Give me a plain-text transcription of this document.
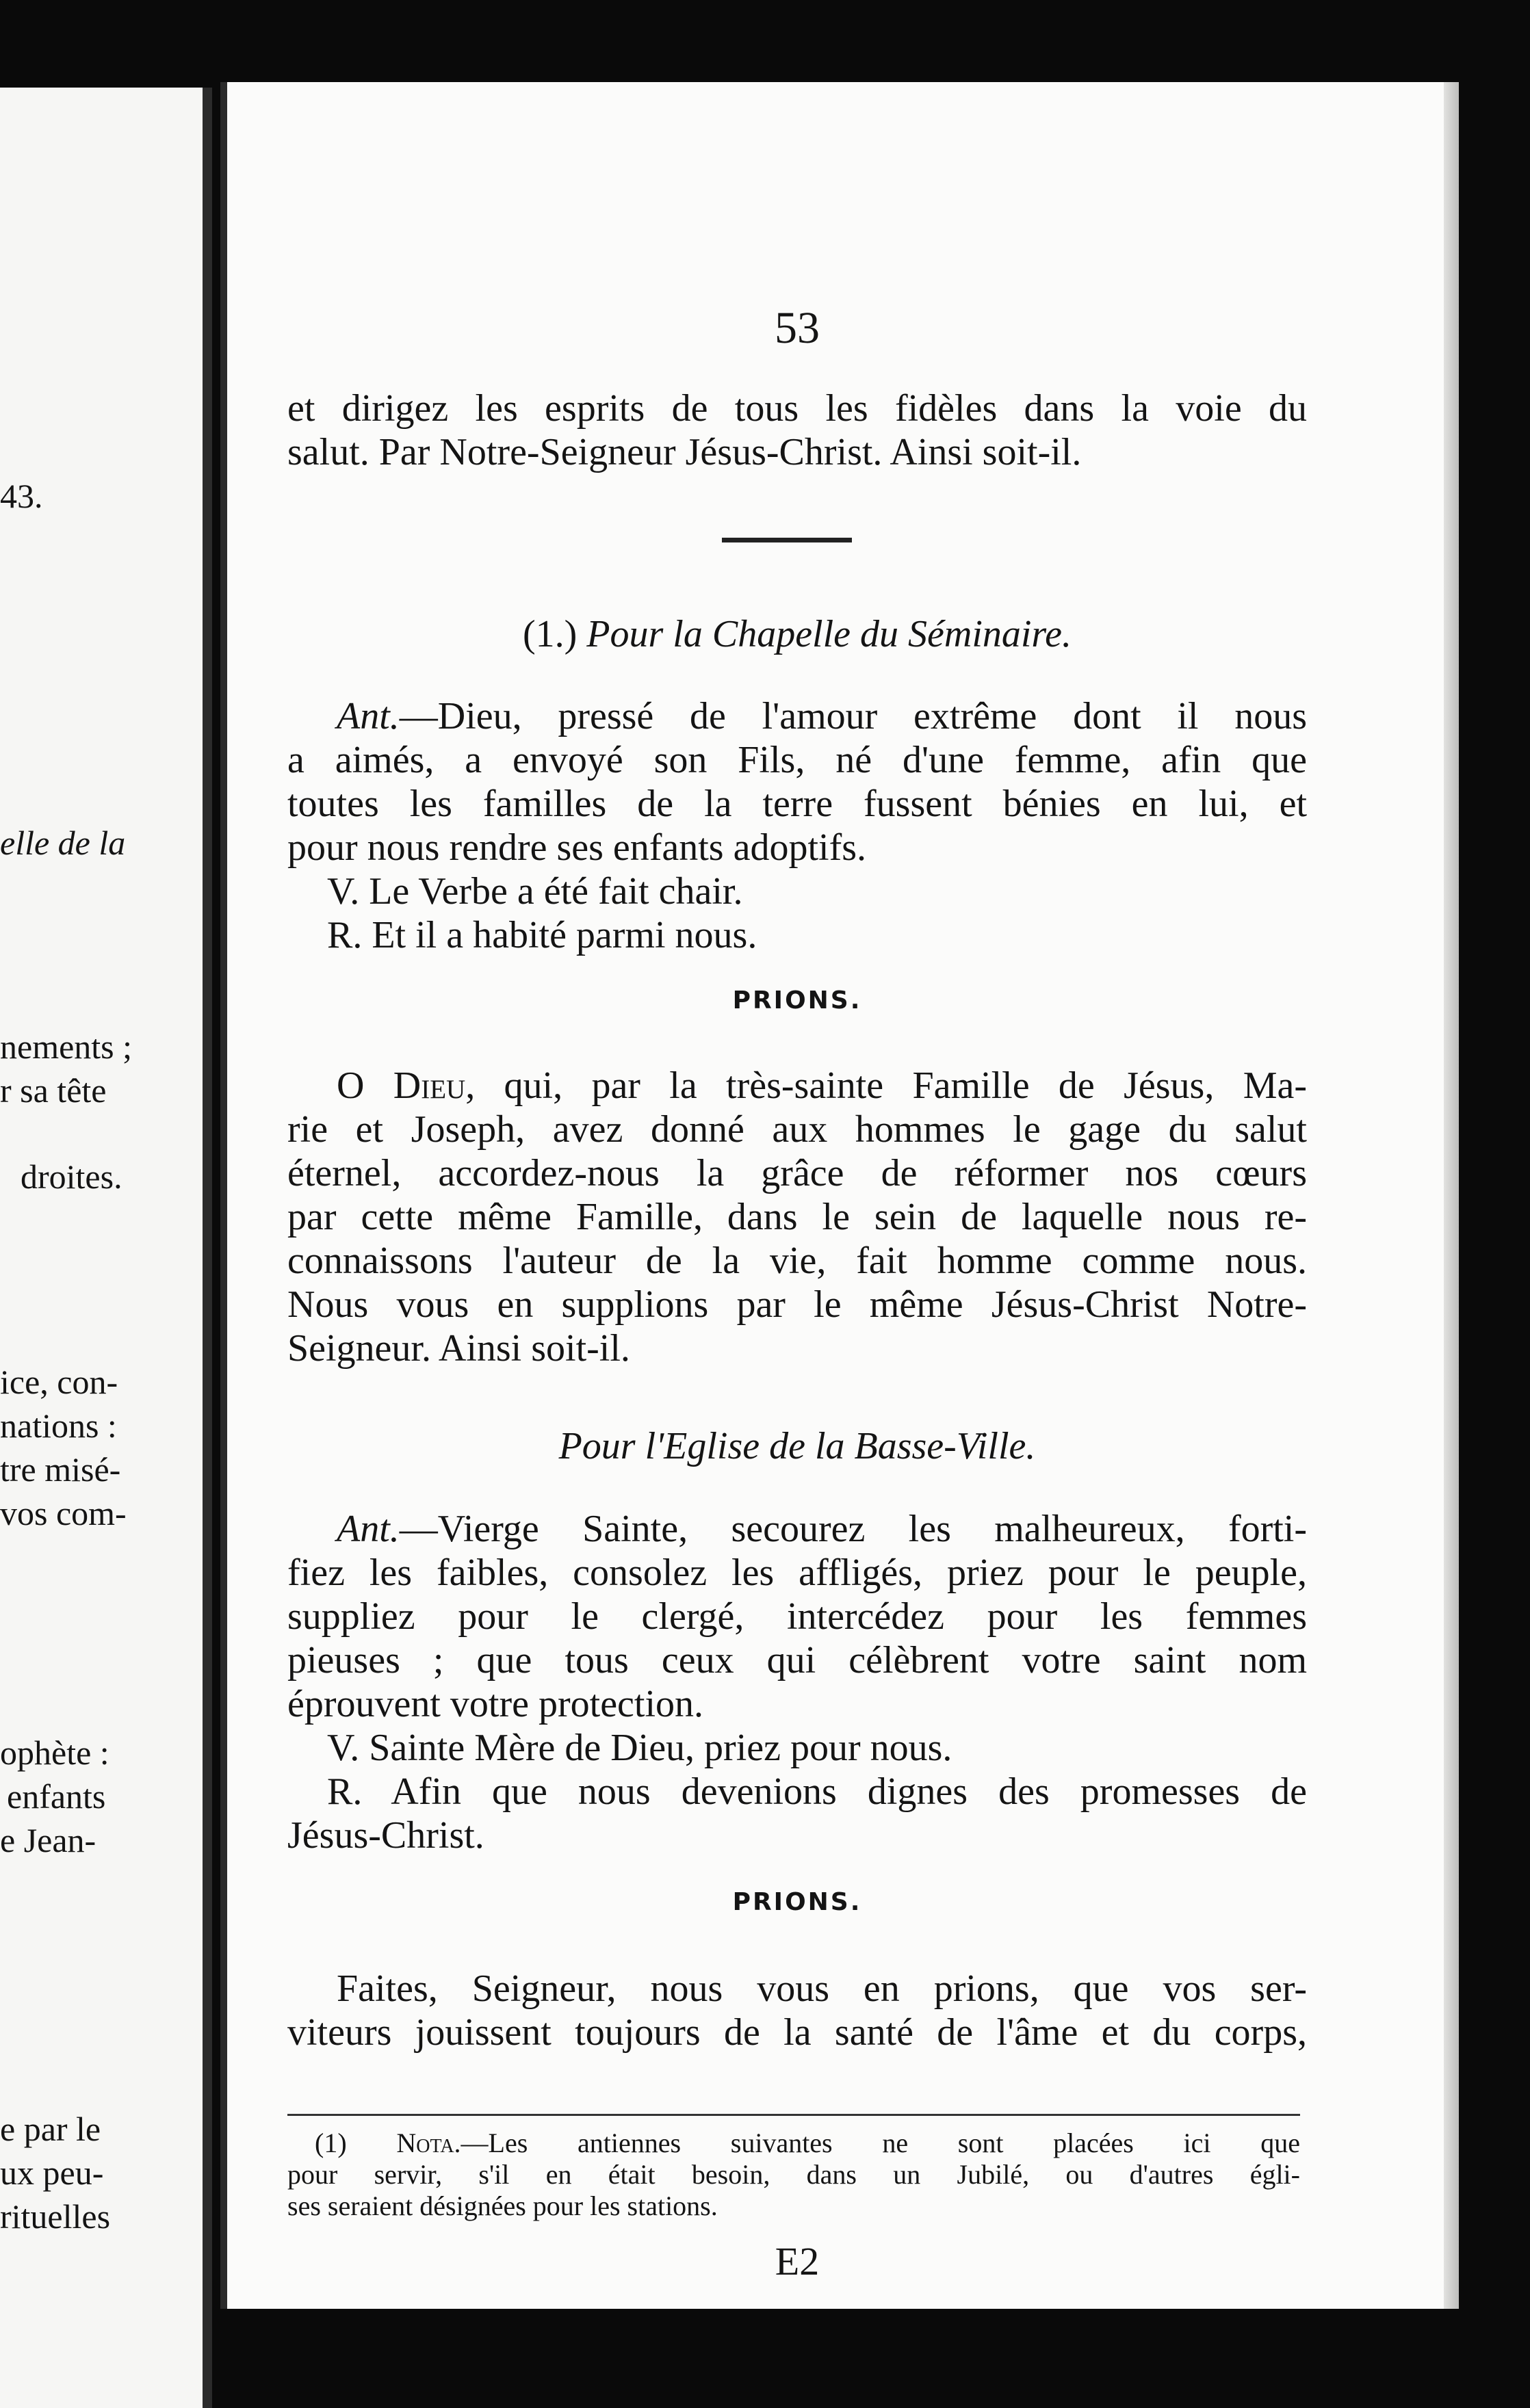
43.
elle de la
nements ;
r sa tête
droites.
ice, con-
nations :
tre misé-
vos com-
ophète :
enfants
e Jean-
e par le
ux peu-
rituelles
53
et dirigez les esprits de tous les fidèles dans la voie du
salut. Par Notre-Seigneur Jésus-Christ. Ainsi soit-il.
(1.) Pour la Chapelle du Séminaire.
Ant.—Dieu, pressé de l'amour extrême dont il nous
a aimés, a envoyé son Fils, né d'une femme, afin que
toutes les familles de la terre fussent bénies en lui, et
pour nous rendre ses enfants adoptifs.
V. Le Verbe a été fait chair.
R. Et il a habité parmi nous.
PRIONS.
O Dieu, qui, par la très-sainte Famille de Jésus, Ma-
rie et Joseph, avez donné aux hommes le gage du salut
éternel, accordez-nous la grâce de réformer nos cœurs
par cette même Famille, dans le sein de laquelle nous re-
connaissons l'auteur de la vie, fait homme comme nous.
Nous vous en supplions par le même Jésus-Christ Notre-
Seigneur. Ainsi soit-il.
Pour l'Eglise de la Basse-Ville.
Ant.—Vierge Sainte, secourez les malheureux, forti-
fiez les faibles, consolez les affligés, priez pour le peuple,
suppliez pour le clergé, intercédez pour les femmes
pieuses ; que tous ceux qui célèbrent votre saint nom
éprouvent votre protection.
V. Sainte Mère de Dieu, priez pour nous.
R. Afin que nous devenions dignes des promesses de
Jésus-Christ.
PRIONS.
Faites, Seigneur, nous vous en prions, que vos ser-
viteurs jouissent toujours de la santé de l'âme et du corps,
(1) Nota.—Les antiennes suivantes ne sont placées ici que
pour servir, s'il en était besoin, dans un Jubilé, ou d'autres égli-
ses seraient désignées pour les stations.
E2
